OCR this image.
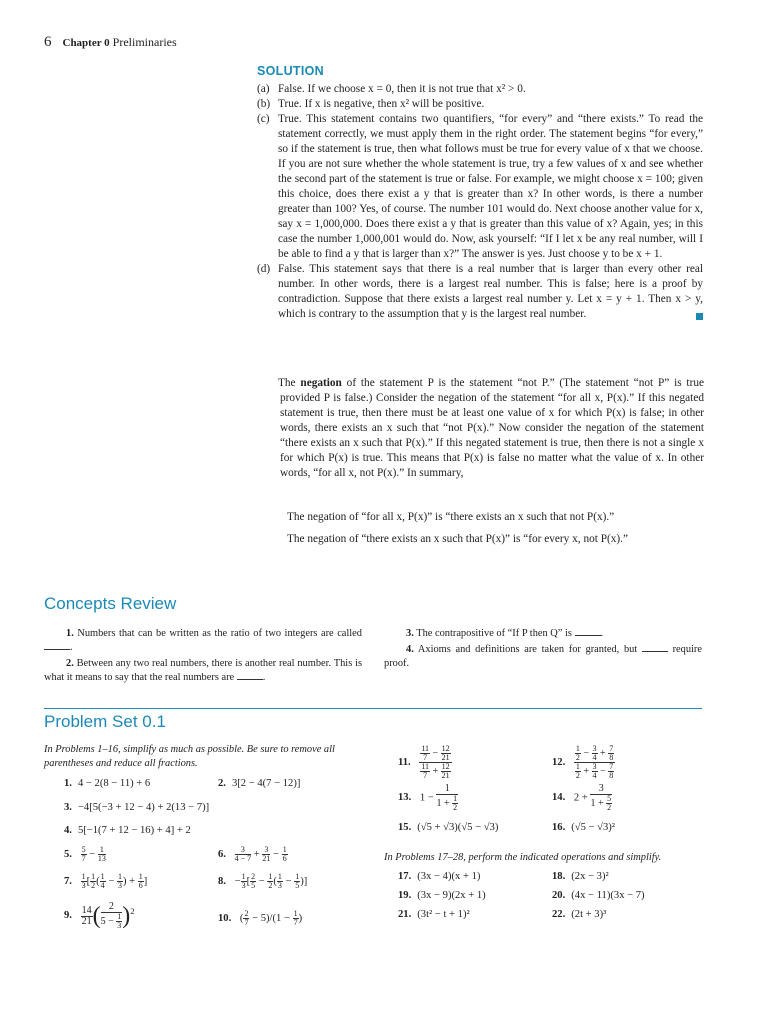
6 Chapter 0 Preliminaries
SOLUTION
(a) False. If we choose x = 0, then it is not true that x² > 0.
(b) True. If x is negative, then x² will be positive.
(c) True. This statement contains two quantifiers, “for every” and “there exists.” To read the statement correctly, we must apply them in the right order. The statement begins “for every,” so if the statement is true, then what follows must be true for every value of x that we choose. If you are not sure whether the whole statement is true, try a few values of x and see whether the second part of the statement is true or false. For example, we might choose x = 100; given this choice, does there exist a y that is greater than x? In other words, is there a number greater than 100? Yes, of course. The number 101 would do. Next choose another value for x, say x = 1,000,000. Does there exist a y that is greater than this value of x? Again, yes; in this case the number 1,000,001 would do. Now, ask yourself: “If I let x be any real number, will I be able to find a y that is larger than x?” The answer is yes. Just choose y to be x + 1.
(d) False. This statement says that there is a real number that is larger than every other real number. In other words, there is a largest real number. This is false; here is a proof by contradiction. Suppose that there exists a largest real number y. Let x = y + 1. Then x > y, which is contrary to the assumption that y is the largest real number.
The negation of the statement P is the statement “not P.” (The statement “not P” is true provided P is false.) Consider the negation of the statement “for all x, P(x).” If this negated statement is true, then there must be at least one value of x for which P(x) is false; in other words, there exists an x such that “not P(x).” Now consider the negation of the statement “there exists an x such that P(x).” If this negated statement is true, then there is not a single x for which P(x) is true. This means that P(x) is false no matter what the value of x. In other words, “for all x, not P(x).” In summary,

The negation of “for all x, P(x)” is “there exists an x such that not P(x).”

The negation of “there exists an x such that P(x)” is “for every x, not P(x).”

Concepts Review

1. Numbers that can be written as the ratio of two integers are called .

2. Between any two real numbers, there is another real number. This is what it means to say that the real numbers are	.

3. The contrapositive of “If P then Q” is	.

4. Axioms and definitions are taken for granted, but	require proof.

Problem Set 0.1
In Problems 1–16, simplify as much as possible. Be sure to remove all parentheses and reduce all fractions.
1. 4 − 2(8 − 11) + 6	2. 3[2 − 4(7 − 12)]
3. −4[5(−3 + 12 − 4) + 2(13 − 7)]
4. 5[−1(7 + 12 − 16) + 4] + 2
5. $\frac{5}{7} - \frac{1}{13}$	6. $\frac{3}{4 - 7} + \frac{3}{21} - \frac{1}{6}$
7. $\frac{1}{3}$ [ $\frac{1}{2}$ ( $\frac{1}{4} - \frac{1}{3}$ ) + $\frac{1}{6}$ ]	8. − $\frac{1}{3}$ [ $\frac{2}{5} - \frac{1}{2}$ ( $\frac{1}{3} - \frac{1}{5}$ )]
9. $\frac{14}{21}$ ( $\frac{2}{5 - \frac{1}{3}} )^2$
10. ( $\frac{2}{7} - 5)/(1 - \frac{1}{7}$ )
11. $\frac{\frac{11}{7} - \frac{12}{21}}{\frac{11}{7} + \frac{12}{21}}$	12. $\frac{\frac{1}{2} - \frac{3}{4} + \frac{7}{8}}{\frac{1}{2} + \frac{3}{4} - \frac{7}{8}}$
13. $1 - \frac{1}{1 + \frac{1}{2}}$	14. $2 + \frac{3}{1 + \frac{5}{2}}$
15. (√5 + √3)(√5 − √3)	16. (√5 − √3)²
In Problems 17–28, perform the indicated operations and simplify.
17. (3x − 4)(x + 1)	18. (2x − 3)²
19. (3x − 9)(2x + 1)	20. (4x − 11)(3x − 7)
21. (3t² − t + 1)²	22. (2t + 3)³
